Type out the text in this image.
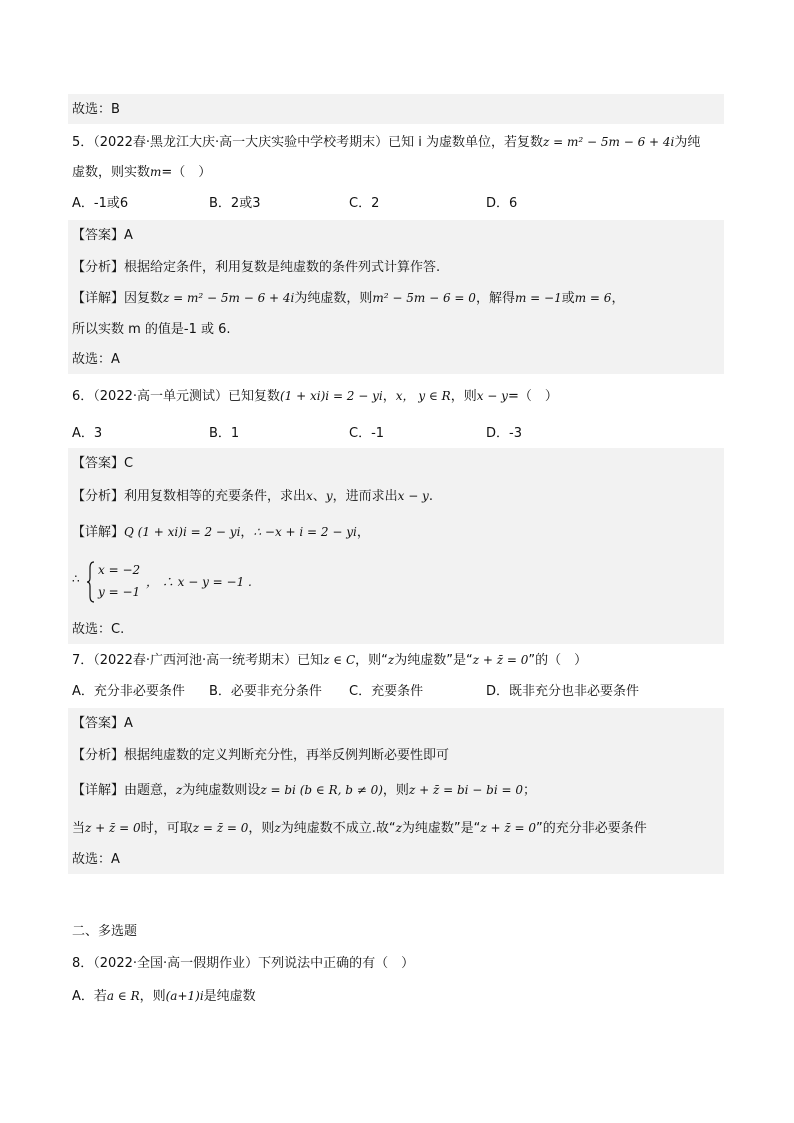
故选：B
5．（2022春·黑龙江大庆·高一大庆实验中学校考期末）已知 i 为虚数单位，若复数z = m² − 5m − 6 + 4i为纯
虚数，则实数m=（　）
A．-1或6	B．2或3	C．2	D．6
【答案】A
【分析】根据给定条件，利用复数是纯虚数的条件列式计算作答.
【详解】因复数z = m² − 5m − 6 + 4i为纯虚数，则m² − 5m − 6 = 0，解得m = −1或m = 6，
所以实数 m 的值是-1 或 6.
故选：A
6．（2022·高一单元测试）已知复数(1 + xi)i = 2 − yi，x， y ∈ R，则x − y=（　）
A．3	B．1	C．-1	D．-3
【答案】C
【分析】利用复数相等的充要条件，求出x、y，进而求出x − y.
【详解】Q (1 + xi)i = 2 − yi，∴ −x + i = 2 − yi，
∴
x = −2
y = −1
， ∴ x − y = −1 .
故选：C.
7．（2022春·广西河池·高一统考期末）已知z ∈ C，则“z为纯虚数”是“z + z̄ = 0”的（　）
A．充分非必要条件 B．必要非充分条件 C．充要条件	D．既非充分也非必要条件
【答案】A
【分析】根据纯虚数的定义判断充分性，再举反例判断必要性即可
【详解】由题意，z为纯虚数则设z = bi (b ∈ R, b ≠ 0)，则z + z̄ = bi − bi = 0；
当z + z̄ = 0时，可取z = z̄ = 0，则z为纯虚数不成立.故“z为纯虚数”是“z + z̄ = 0”的充分非必要条件
故选：A
二、多选题
8．（2022·全国·高一假期作业）下列说法中正确的有（　）
A．若a ∈ R，则(a+1)i是纯虚数
